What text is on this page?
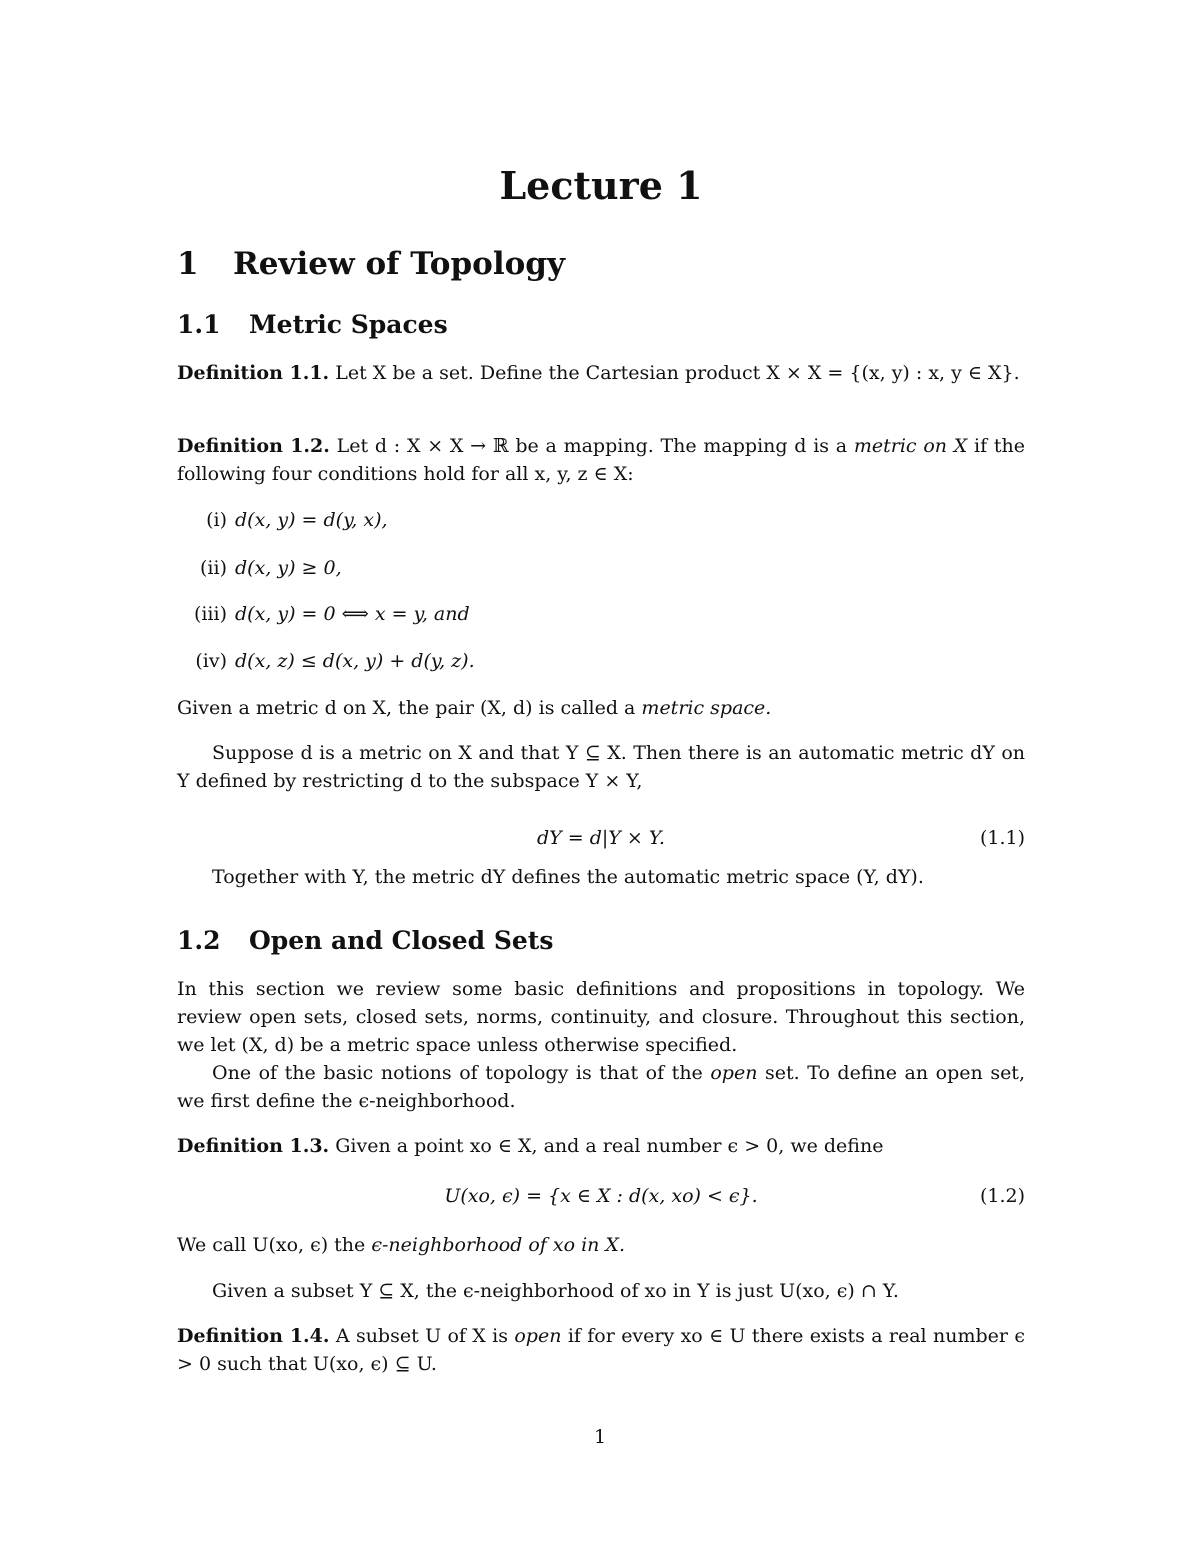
Lecture 1
1 Review of Topology
1.1 Metric Spaces

Definition 1.1. Let X be a set. Define the Cartesian product X × X = {(x, y) : x, y ∈ X}.

Definition 1.2. Let d : X × X → ℝ be a mapping. The mapping d is a metric on X if the following four conditions hold for all x, y, z ∈ X:

(i) d(x, y) = d(y, x),
(ii) d(x, y) ≥ 0,
(iii) d(x, y) = 0 ⟺ x = y, and
(iv) d(x, z) ≤ d(x, y) + d(y, z).

Given a metric d on X, the pair (X, d) is called a metric space.

Suppose d is a metric on X and that Y ⊆ X. Then there is an automatic metric dY on Y defined by restricting d to the subspace Y × Y,

dY = d|Y × Y.	(1.1)

Together with Y, the metric dY defines the automatic metric space (Y, dY).

1.2 Open and Closed Sets

In this section we review some basic definitions and propositions in topology. We review open sets, closed sets, norms, continuity, and closure. Throughout this section, we let (X, d) be a metric space unless otherwise specified.

One of the basic notions of topology is that of the open set. To define an open set, we first define the ϵ-neighborhood.

Definition 1.3. Given a point xo ∈ X, and a real number ϵ > 0, we define

U(xo, ϵ) = {x ∈ X : d(x, xo) < ϵ}.	(1.2)

We call U(xo, ϵ) the ϵ-neighborhood of xo in X.

Given a subset Y ⊆ X, the ϵ-neighborhood of xo in Y is just U(xo, ϵ) ∩ Y.

Definition 1.4. A subset U of X is open if for every xo ∈ U there exists a real number ϵ > 0 such that U(xo, ϵ) ⊆ U.

1
